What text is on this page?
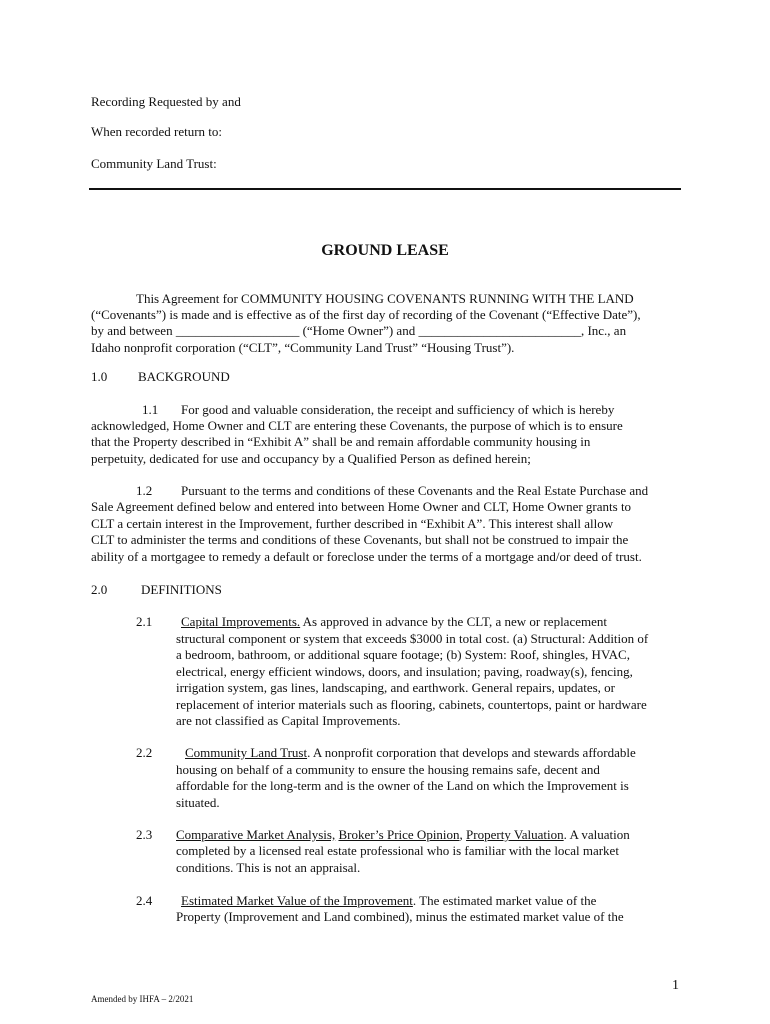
Recording Requested by and
When recorded return to:
Community Land Trust:
GROUND LEASE
This Agreement for COMMUNITY HOUSING COVENANTS RUNNING WITH THE LAND
(“Covenants”) is made and is effective as of the first day of recording of the Covenant (“Effective Date”),
by and between ___________________ (“Home Owner”) and _________________________, Inc., an
Idaho nonprofit corporation (“CLT”, “Community Land Trust” “Housing Trust”).
1.0 BACKGROUND
1.1 For good and valuable consideration, the receipt and sufficiency of which is hereby
acknowledged, Home Owner and CLT are entering these Covenants, the purpose of which is to ensure
that the Property described in “Exhibit A” shall be and remain affordable community housing in
perpetuity, dedicated for use and occupancy by a Qualified Person as defined herein;
1.2 Pursuant to the terms and conditions of these Covenants and the Real Estate Purchase and
Sale Agreement defined below and entered into between Home Owner and CLT, Home Owner grants to
CLT a certain interest in the Improvement, further described in “Exhibit A”. This interest shall allow
CLT to administer the terms and conditions of these Covenants, but shall not be construed to impair the
ability of a mortgagee to remedy a default or foreclose under the terms of a mortgage and/or deed of trust.
2.0	DEFINITIONS
2.1 Capital Improvements. As approved in advance by the CLT, a new or replacement
structural component or system that exceeds $3000 in total cost. (a) Structural: Addition of
a bedroom, bathroom, or additional square footage; (b) System: Roof, shingles, HVAC,
electrical, energy efficient windows, doors, and insulation; paving, roadway(s), fencing,
irrigation system, gas lines, landscaping, and earthwork. General repairs, updates, or
replacement of interior materials such as flooring, cabinets, countertops, paint or hardware
are not classified as Capital Improvements.
2.2	Community Land Trust. A nonprofit corporation that develops and stewards affordable
housing on behalf of a community to ensure the housing remains safe, decent and
affordable for the long-term and is the owner of the Land on which the Improvement is
situated.
2.3 Comparative Market Analysis, Broker’s Price Opinion, Property Valuation. A valuation
completed by a licensed real estate professional who is familiar with the local market
conditions. This is not an appraisal.
2.4 Estimated Market Value of the Improvement. The estimated market value of the
Property (Improvement and Land combined), minus the estimated market value of the
1
Amended by IHFA – 2/2021
